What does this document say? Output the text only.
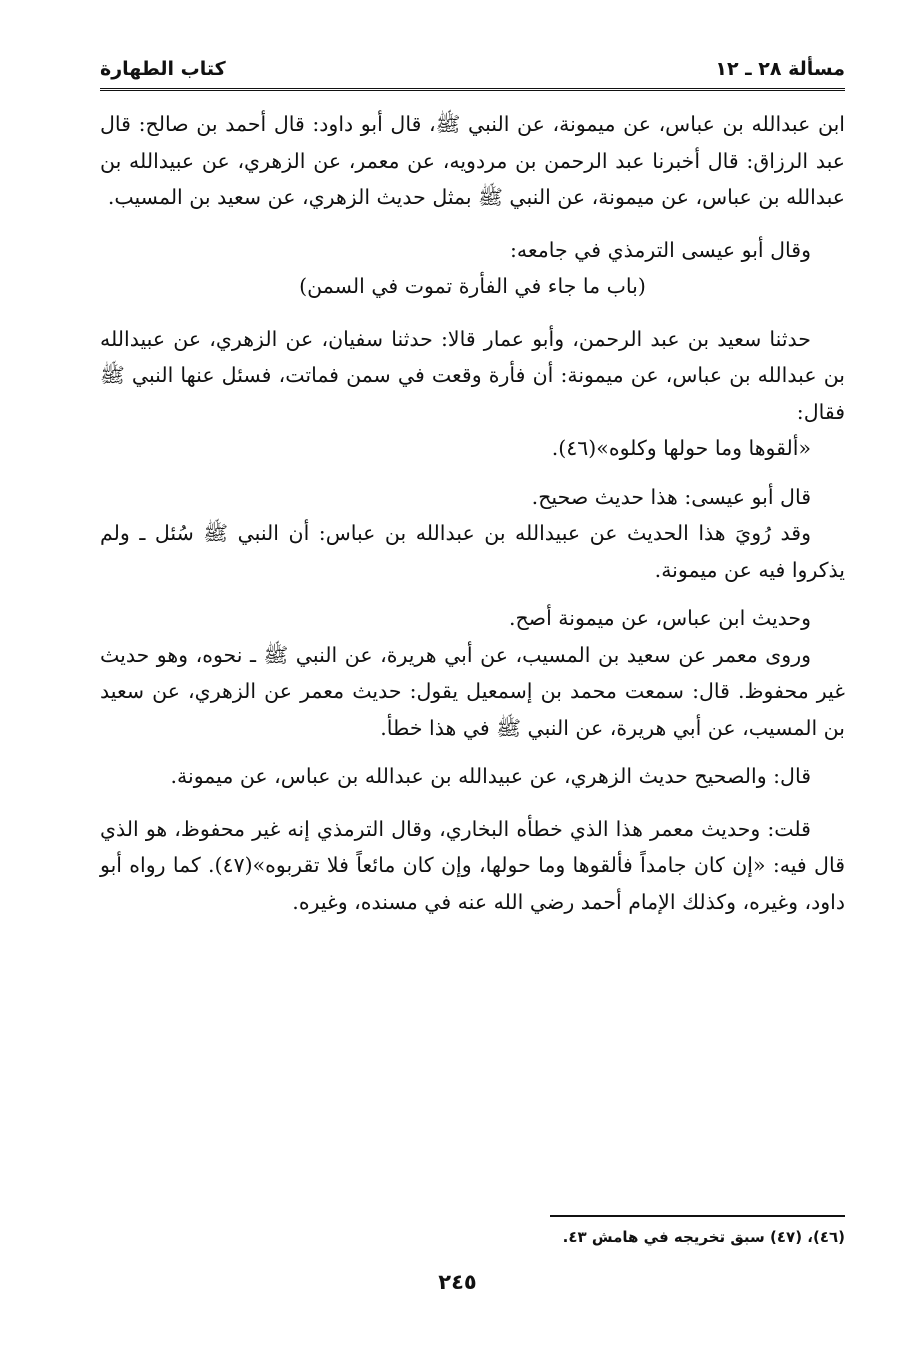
مسألة ٢٨ ـ ١٢
كتاب الطهارة

ابن عبدالله بن عباس، عن ميمونة، عن النبي ﷺ، قال أبو داود: قال أحمد بن صالح: قال عبد الرزاق: قال أخبرنا عبد الرحمن بن مردويه، عن معمر، عن الزهري، عن عبيدالله بن عبدالله بن عباس، عن ميمونة، عن النبي ﷺ بمثل حديث الزهري، عن سعيد بن المسيب.

وقال أبو عيسى الترمذي في جامعه:

(باب ما جاء في الفأرة تموت في السمن)

حدثنا سعيد بن عبد الرحمن، وأبو عمار قالا: حدثنا سفيان، عن الزهري، عن عبيدالله بن عبدالله بن عباس، عن ميمونة: أن فأرة وقعت في سمن فماتت، فسئل عنها النبي ﷺ فقال:

«ألقوها وما حولها وكلوه»(٤٦).

قال أبو عيسى: هذا حديث صحيح.

وقد رُويَ هذا الحديث عن عبيدالله بن عبدالله بن عباس: أن النبي ﷺ سُئل ـ ولم يذكروا فيه عن ميمونة.

وحديث ابن عباس، عن ميمونة أصح.

وروى معمر عن سعيد بن المسيب، عن أبي هريرة، عن النبي ﷺ ـ نحوه، وهو حديث غير محفوظ. قال: سمعت محمد بن إسمعيل يقول: حديث معمر عن الزهري، عن سعيد بن المسيب، عن أبي هريرة، عن النبي ﷺ في هذا خطأ.

قال: والصحيح حديث الزهري، عن عبيدالله بن عبدالله بن عباس، عن ميمونة.

قلت: وحديث معمر هذا الذي خطأه البخاري، وقال الترمذي إنه غير محفوظ، هو الذي قال فيه: «إن كان جامداً فألقوها وما حولها، وإن كان مائعاً فلا تقربوه»(٤٧). كما رواه أبو داود، وغيره، وكذلك الإمام أحمد رضي الله عنه في مسنده، وغيره.

(٤٦)، (٤٧) سبق تخريجه في هامش ٤٣.
٢٤٥
